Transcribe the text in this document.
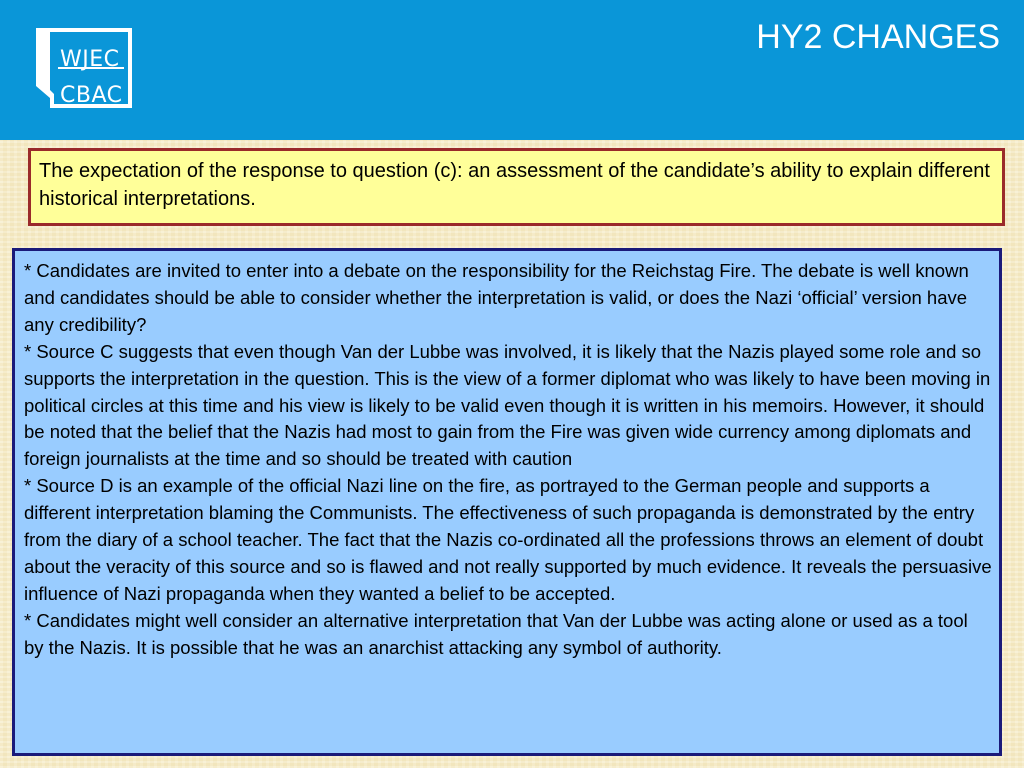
WJEC
CBAC
HY2 CHANGES

The expectation of the response to question (c): an assessment of the candidate’s ability to explain different historical interpretations.

* Candidates are invited to enter into a debate on the responsibility for the Reichstag Fire. The debate is well known and candidates should be able to consider whether the interpretation is valid, or does the Nazi ‘official’ version have any credibility?

* Source C suggests that even though Van der Lubbe was involved, it is likely that the Nazis played some role and so supports the interpretation in the question. This is the view of a former diplomat who was likely to have been moving in political circles at this time and his view is likely to be valid even though it is written in his memoirs. However, it should be noted that the belief that the Nazis had most to gain from the Fire was given wide currency among diplomats and foreign journalists at the time and so should be treated with caution

* Source D is an example of the official Nazi line on the fire, as portrayed to the German people and supports a different interpretation blaming the Communists. The effectiveness of such propaganda is demonstrated by the entry from the diary of a school teacher. The fact that the Nazis co-ordinated all the professions throws an element of doubt about the veracity of this source and so is flawed and not really supported by much evidence. It reveals the persuasive influence of Nazi propaganda when they wanted a belief to be accepted.

* Candidates might well consider an alternative interpretation that Van der Lubbe was acting alone or used as a tool by the Nazis. It is possible that he was an anarchist attacking any symbol of authority.
